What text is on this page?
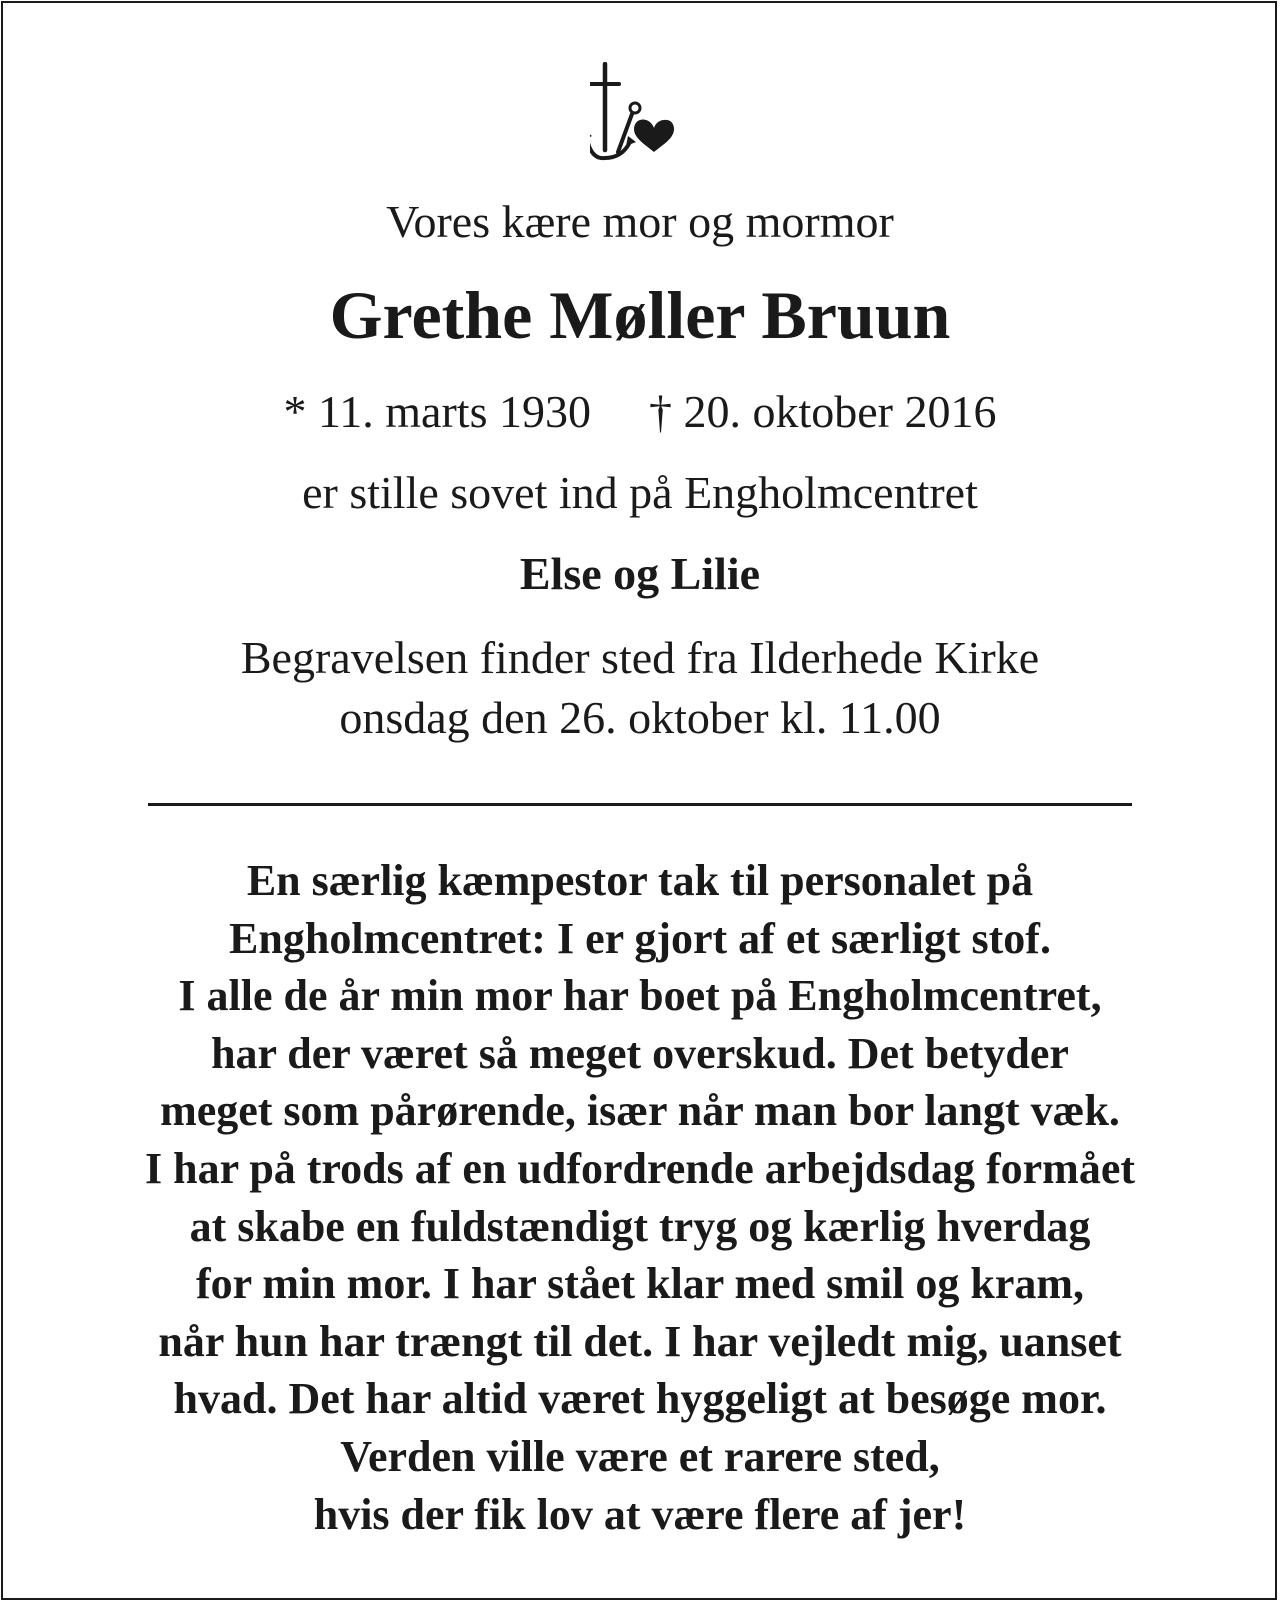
Vores kære mor og mormor
Grethe Møller Bruun
* 11. marts 1930 † 20. oktober 2016
er stille sovet ind på Engholmcentret
Else og Lilie
Begravelsen finder sted fra Ilderhede Kirke
onsdag den 26. oktober kl. 11.00
En særlig kæmpestor tak til personalet på
Engholmcentret: I er gjort af et særligt stof.
I alle de år min mor har boet på Engholmcentret,
har der været så meget overskud. Det betyder
meget som pårørende, især når man bor langt væk.
I har på trods af en udfordrende arbejdsdag formået
at skabe en fuldstændigt tryg og kærlig hverdag
for min mor. I har stået klar med smil og kram,
når hun har trængt til det. I har vejledt mig, uanset
hvad. Det har altid været hyggeligt at besøge mor.
Verden ville være et rarere sted,
hvis der fik lov at være flere af jer!
